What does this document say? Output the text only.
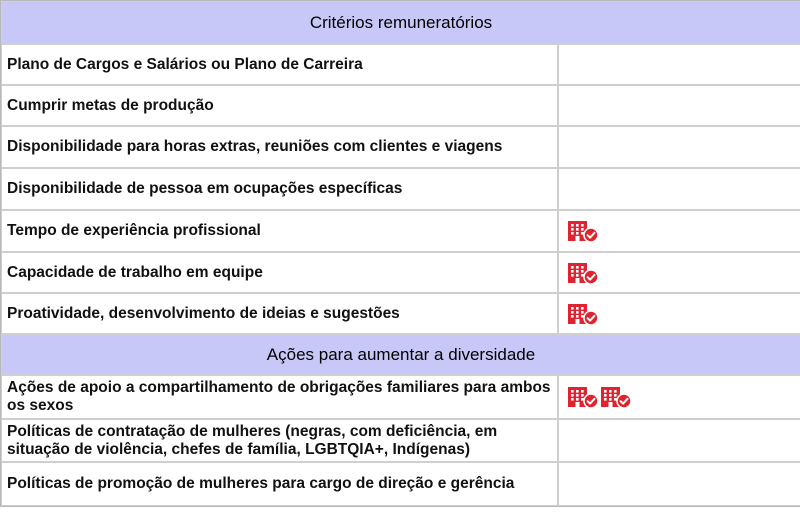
Critérios remuneratórios	
Plano de Cargos e Salários ou Plano de Carreira	
Cumprir metas de produção	
Disponibilidade para horas extras, reuniões com clientes e viagens	
Disponibilidade de pessoa em ocupações específicas	
Tempo de experiência profissional	

Capacidade de trabalho em equipe	

Proatividade, desenvolvimento de ideias e sugestões	

Ações para aumentar a diversidade	
Ações de apoio a compartilhamento de obrigações familiares para ambos os sexos	

Políticas de contratação de mulheres (negras, com deficiência, em situação de violência, chefes de família, LGBTQIA+, Indígenas)	
Políticas de promoção de mulheres para cargo de direção e gerência	
